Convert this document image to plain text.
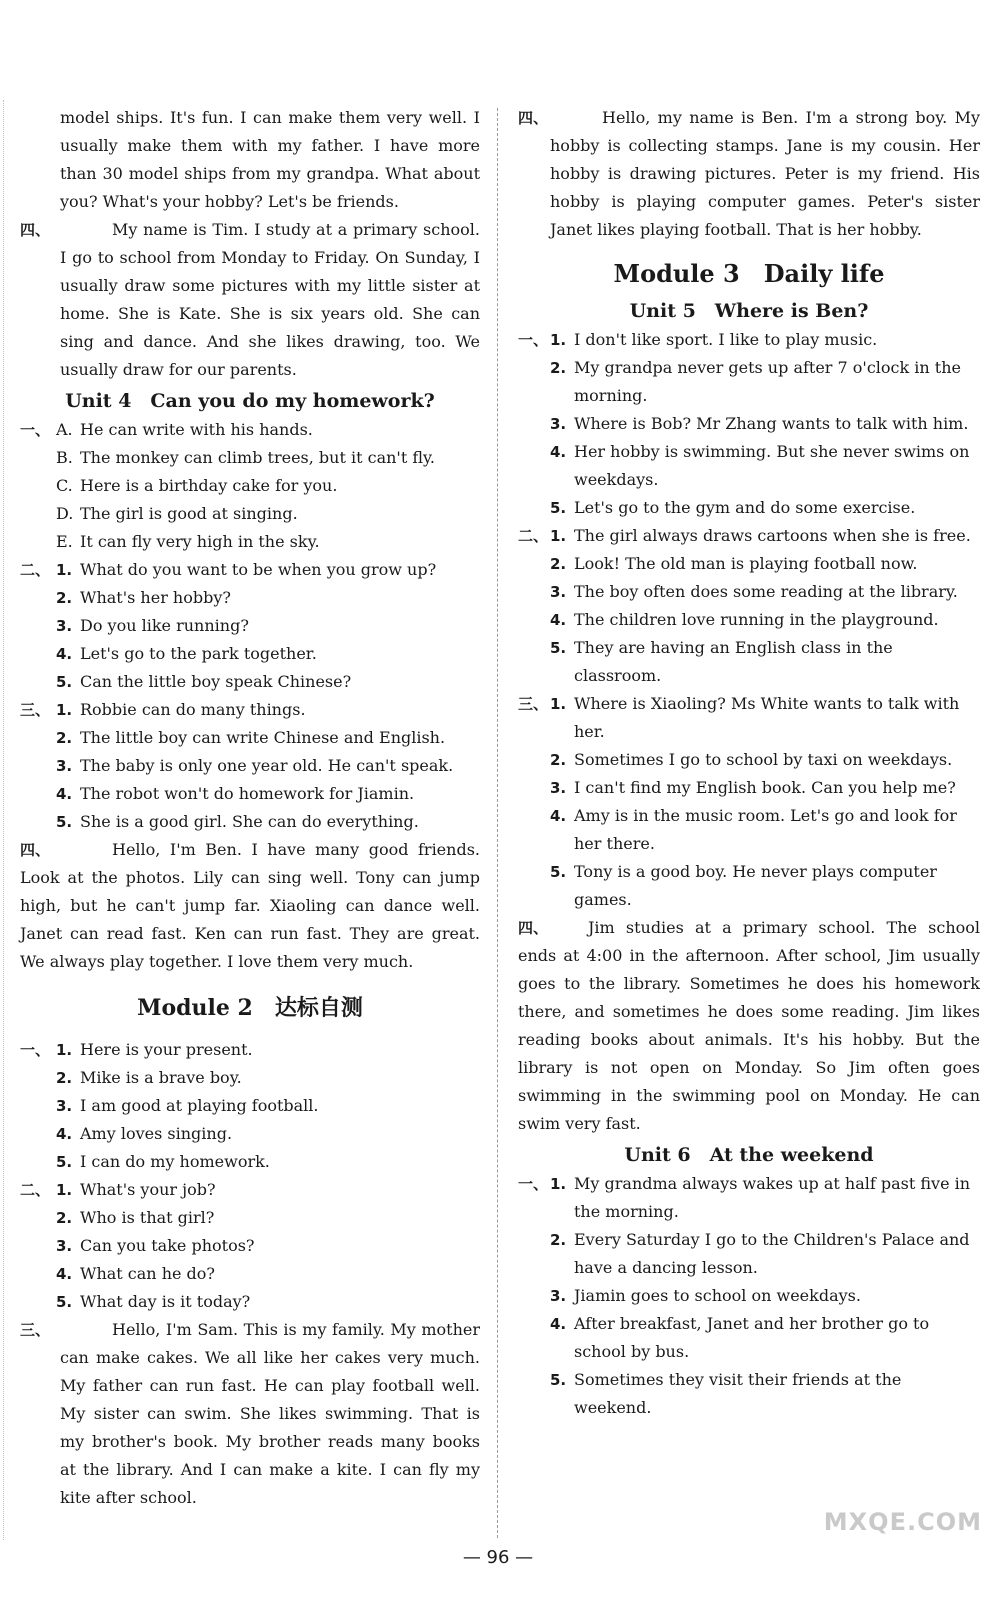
model ships. It's fun. I can make them very well. I usually make them with my father. I have more than 30 model ships from my grandpa. What about you? What's your hobby? Let's be friends.

四、	My name is Tim. I study at a primary school. I go to school from Monday to Friday. On Sunday, I usually draw some pictures with my little sister at home. She is Kate. She is six years old. She can sing and dance. And she likes drawing, too. We usually draw for our parents.
Unit 4　Can you do my homework?
一、 A. He can write with his hands.
B. The monkey can climb trees, but it can't fly.
C. Here is a birthday cake for you.
D. The girl is good at singing.
E. It can fly very high in the sky.
二、 1. What do you want to be when you grow up?
2. What's her hobby?
3. Do you like running?
4. Let's go to the park together.
5. Can the little boy speak Chinese?
三、 1. Robbie can do many things.
2. The little boy can write Chinese and English.
3. The baby is only one year old. He can't speak.
4. The robot won't do homework for Jiamin.
5. She is a good girl. She can do everything.
四、	Hello, I'm Ben. I have many good friends. Look at the photos. Lily can sing well. Tony can jump high, but he can't jump far. Xiaoling can dance well. Janet can read fast. Ken can run fast. They are great. We always play together. I love them very much.
Module 2　达标自测
一、 1. Here is your present.
2. Mike is a brave boy.
3. I am good at playing football.
4. Amy loves singing.
5. I can do my homework.
二、 1. What's your job?
2. Who is that girl?
3. Can you take photos?
4. What can he do?
5. What day is it today?
三、	Hello, I'm Sam. This is my family. My mother can make cakes. We all like her cakes very much. My father can run fast. He can play football well. My sister can swim. She likes swimming. That is my brother's book. My brother reads many books at the library. And I can make a kite. I can fly my kite after school.
四、	Hello, my name is Ben. I'm a strong boy. My hobby is collecting stamps. Jane is my cousin. Her hobby is drawing pictures. Peter is my friend. His hobby is playing computer games. Peter's sister Janet likes playing football. That is her hobby.
Module 3　Daily life
Unit 5　Where is Ben?
一、 1. I don't like sport. I like to play music.
2. My grandpa never gets up after 7 o'clock in the morning.
3. Where is Bob? Mr Zhang wants to talk with him.
4. Her hobby is swimming. But she never swims on weekdays.
5. Let's go to the gym and do some exercise.
二、 1. The girl always draws cartoons when she is free.
2. Look! The old man is playing football now.
3. The boy often does some reading at the library.
4. The children love running in the playground.
5. They are having an English class in the classroom.
三、 1. Where is Xiaoling? Ms White wants to talk with her.
2. Sometimes I go to school by taxi on weekdays.
3. I can't find my English book. Can you help me?
4. Amy is in the music room. Let's go and look for her there.
5. Tony is a good boy. He never plays computer games.
四、	Jim studies at a primary school. The school ends at 4:00 in the afternoon. After school, Jim usually goes to the library. Sometimes he does his homework there, and sometimes he does some reading. Jim likes reading books about animals. It's his hobby. But the library is not open on Monday. So Jim often goes swimming in the swimming pool on Monday. He can swim very fast.
Unit 6　At the weekend
一、 1. My grandma always wakes up at half past five in the morning.
2. Every Saturday I go to the Children's Palace and have a dancing lesson.
3. Jiamin goes to school on weekdays.
4. After breakfast, Janet and her brother go to school by bus.
5. Sometimes they visit their friends at the weekend.
MXQE.COM
— 96 —
